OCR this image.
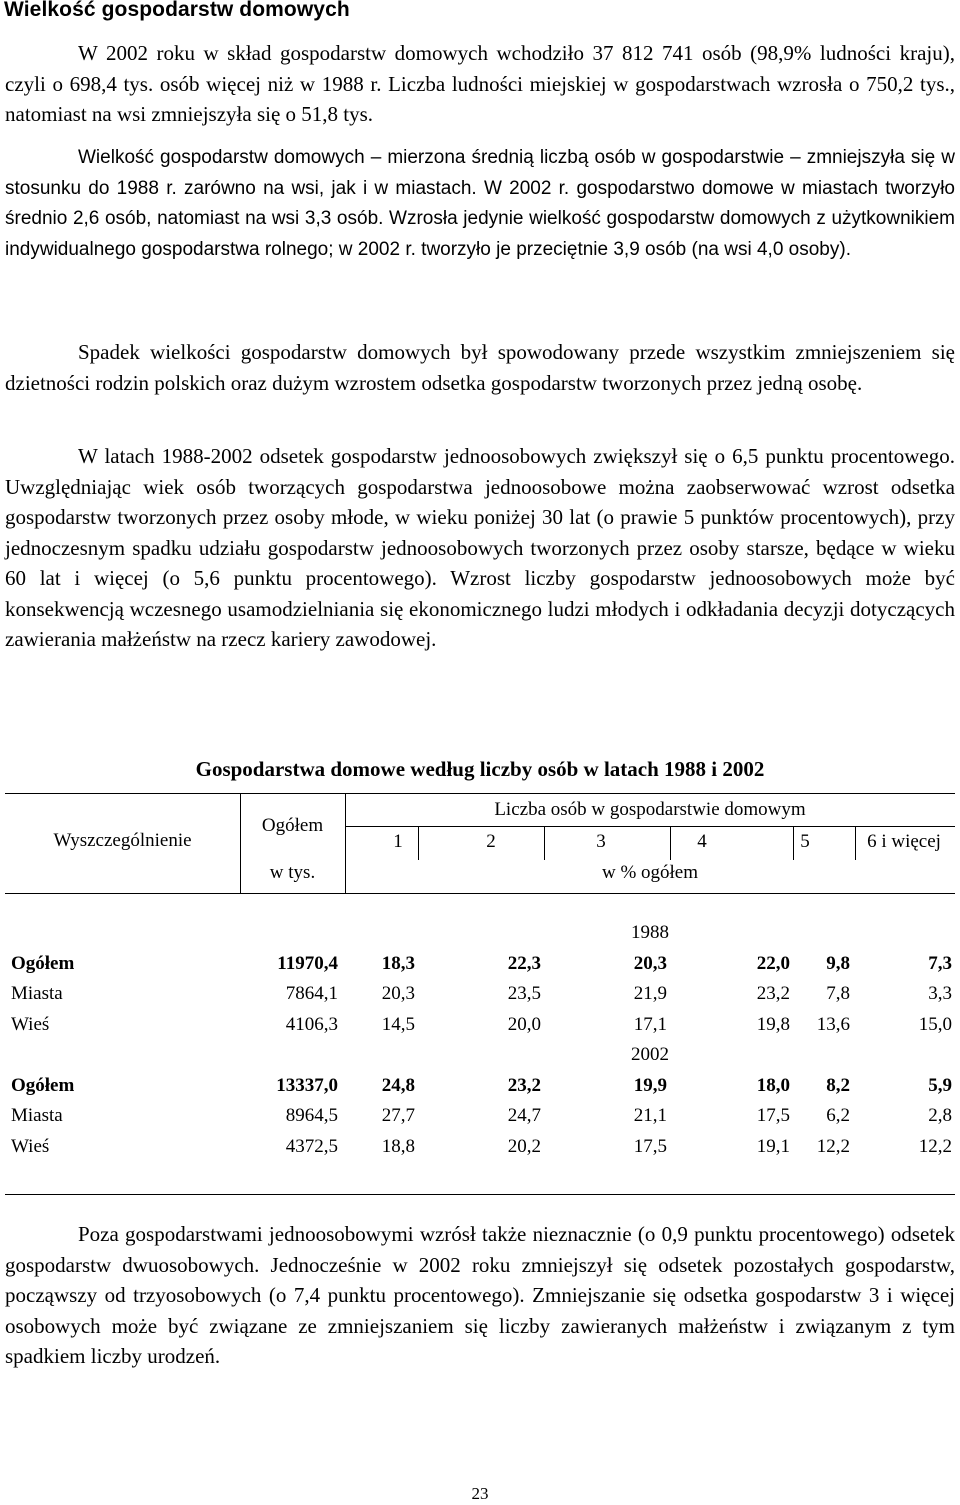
Wielkość gospodarstw domowych

W 2002 roku w skład gospodarstw domowych wchodziło 37 812 741 osób (98,9% ludności kraju), czyli o 698,4 tys. osób więcej niż w 1988 r. Liczba ludności miejskiej w gospodarstwach wzrosła o 750,2 tys., natomiast na wsi zmniejszyła się o 51,8 tys.

Wielkość gospodarstw domowych – mierzona średnią liczbą osób w gospodarstwie – zmniejszyła się w stosunku do 1988 r. zarówno na wsi, jak i w miastach. W 2002 r. gospodarstwo domowe w miastach tworzyło średnio 2,6 osób, natomiast na wsi 3,3 osób. Wzrosła jedynie wielkość gospodarstw domowych z użytkownikiem indywidualnego gospodarstwa rolnego; w 2002 r. tworzyło je przeciętnie 3,9 osób (na wsi 4,0 osoby).

Spadek wielkości gospodarstw domowych był spowodowany przede wszystkim zmniejszeniem się dzietności rodzin polskich oraz dużym wzrostem odsetka gospodarstw tworzonych przez jedną osobę.

W latach 1988-2002 odsetek gospodarstw jednoosobowych zwiększył się o 6,5 punktu procentowego. Uwzględniając wiek osób tworzących gospodarstwa jednoosobowe można zaobserwować wzrost odsetka gospodarstw tworzonych przez osoby młode, w wieku poniżej 30 lat (o prawie 5 punktów procentowych), przy jednoczesnym spadku udziału gospodarstw jednoosobowych tworzonych przez osoby starsze, będące w wieku 60 lat i więcej (o 5,6 punktu procentowego). Wzrost liczby gospodarstw jednoosobowych może być konsekwencją wczesnego usamodzielniania się ekonomicznego ludzi młodych i odkładania decyzji dotyczących zawierania małżeństw na rzecz kariery zawodowej.

Gospodarstwa domowe według liczby osób w latach 1988 i 2002
Wyszczególnienie
Ogółem
Liczba osób w gospodarstwie domowym
1	2	3	4	5	6 i więcej
w tys.	w % ogółem
1988
Ogółem	11970,4	18,3	22,3	20,3	22,0	9,8	7,3
Miasta	7864,1	20,3	23,5	21,9	23,2	7,8	3,3
Wieś	4106,3	14,5	20,0	17,1	19,8	13,6	15,0
2002
Ogółem	13337,0	24,8	23,2	19,9	18,0	8,2	5,9
Miasta	8964,5	27,7	24,7	21,1	17,5	6,2	2,8
Wieś	4372,5	18,8	20,2	17,5	19,1	12,2	12,2

Poza gospodarstwami jednoosobowymi wzrósł także nieznacznie (o 0,9 punktu procentowego) odsetek gospodarstw dwuosobowych. Jednocześnie w 2002 roku zmniejszył się odsetek pozostałych gospodarstw, począwszy od trzyosobowych (o 7,4 punktu procentowego). Zmniejszanie się odsetka gospodarstw 3 i więcej osobowych może być związane ze zmniejszaniem się liczby zawieranych małżeństw i związanym z tym spadkiem liczby urodzeń.

23
